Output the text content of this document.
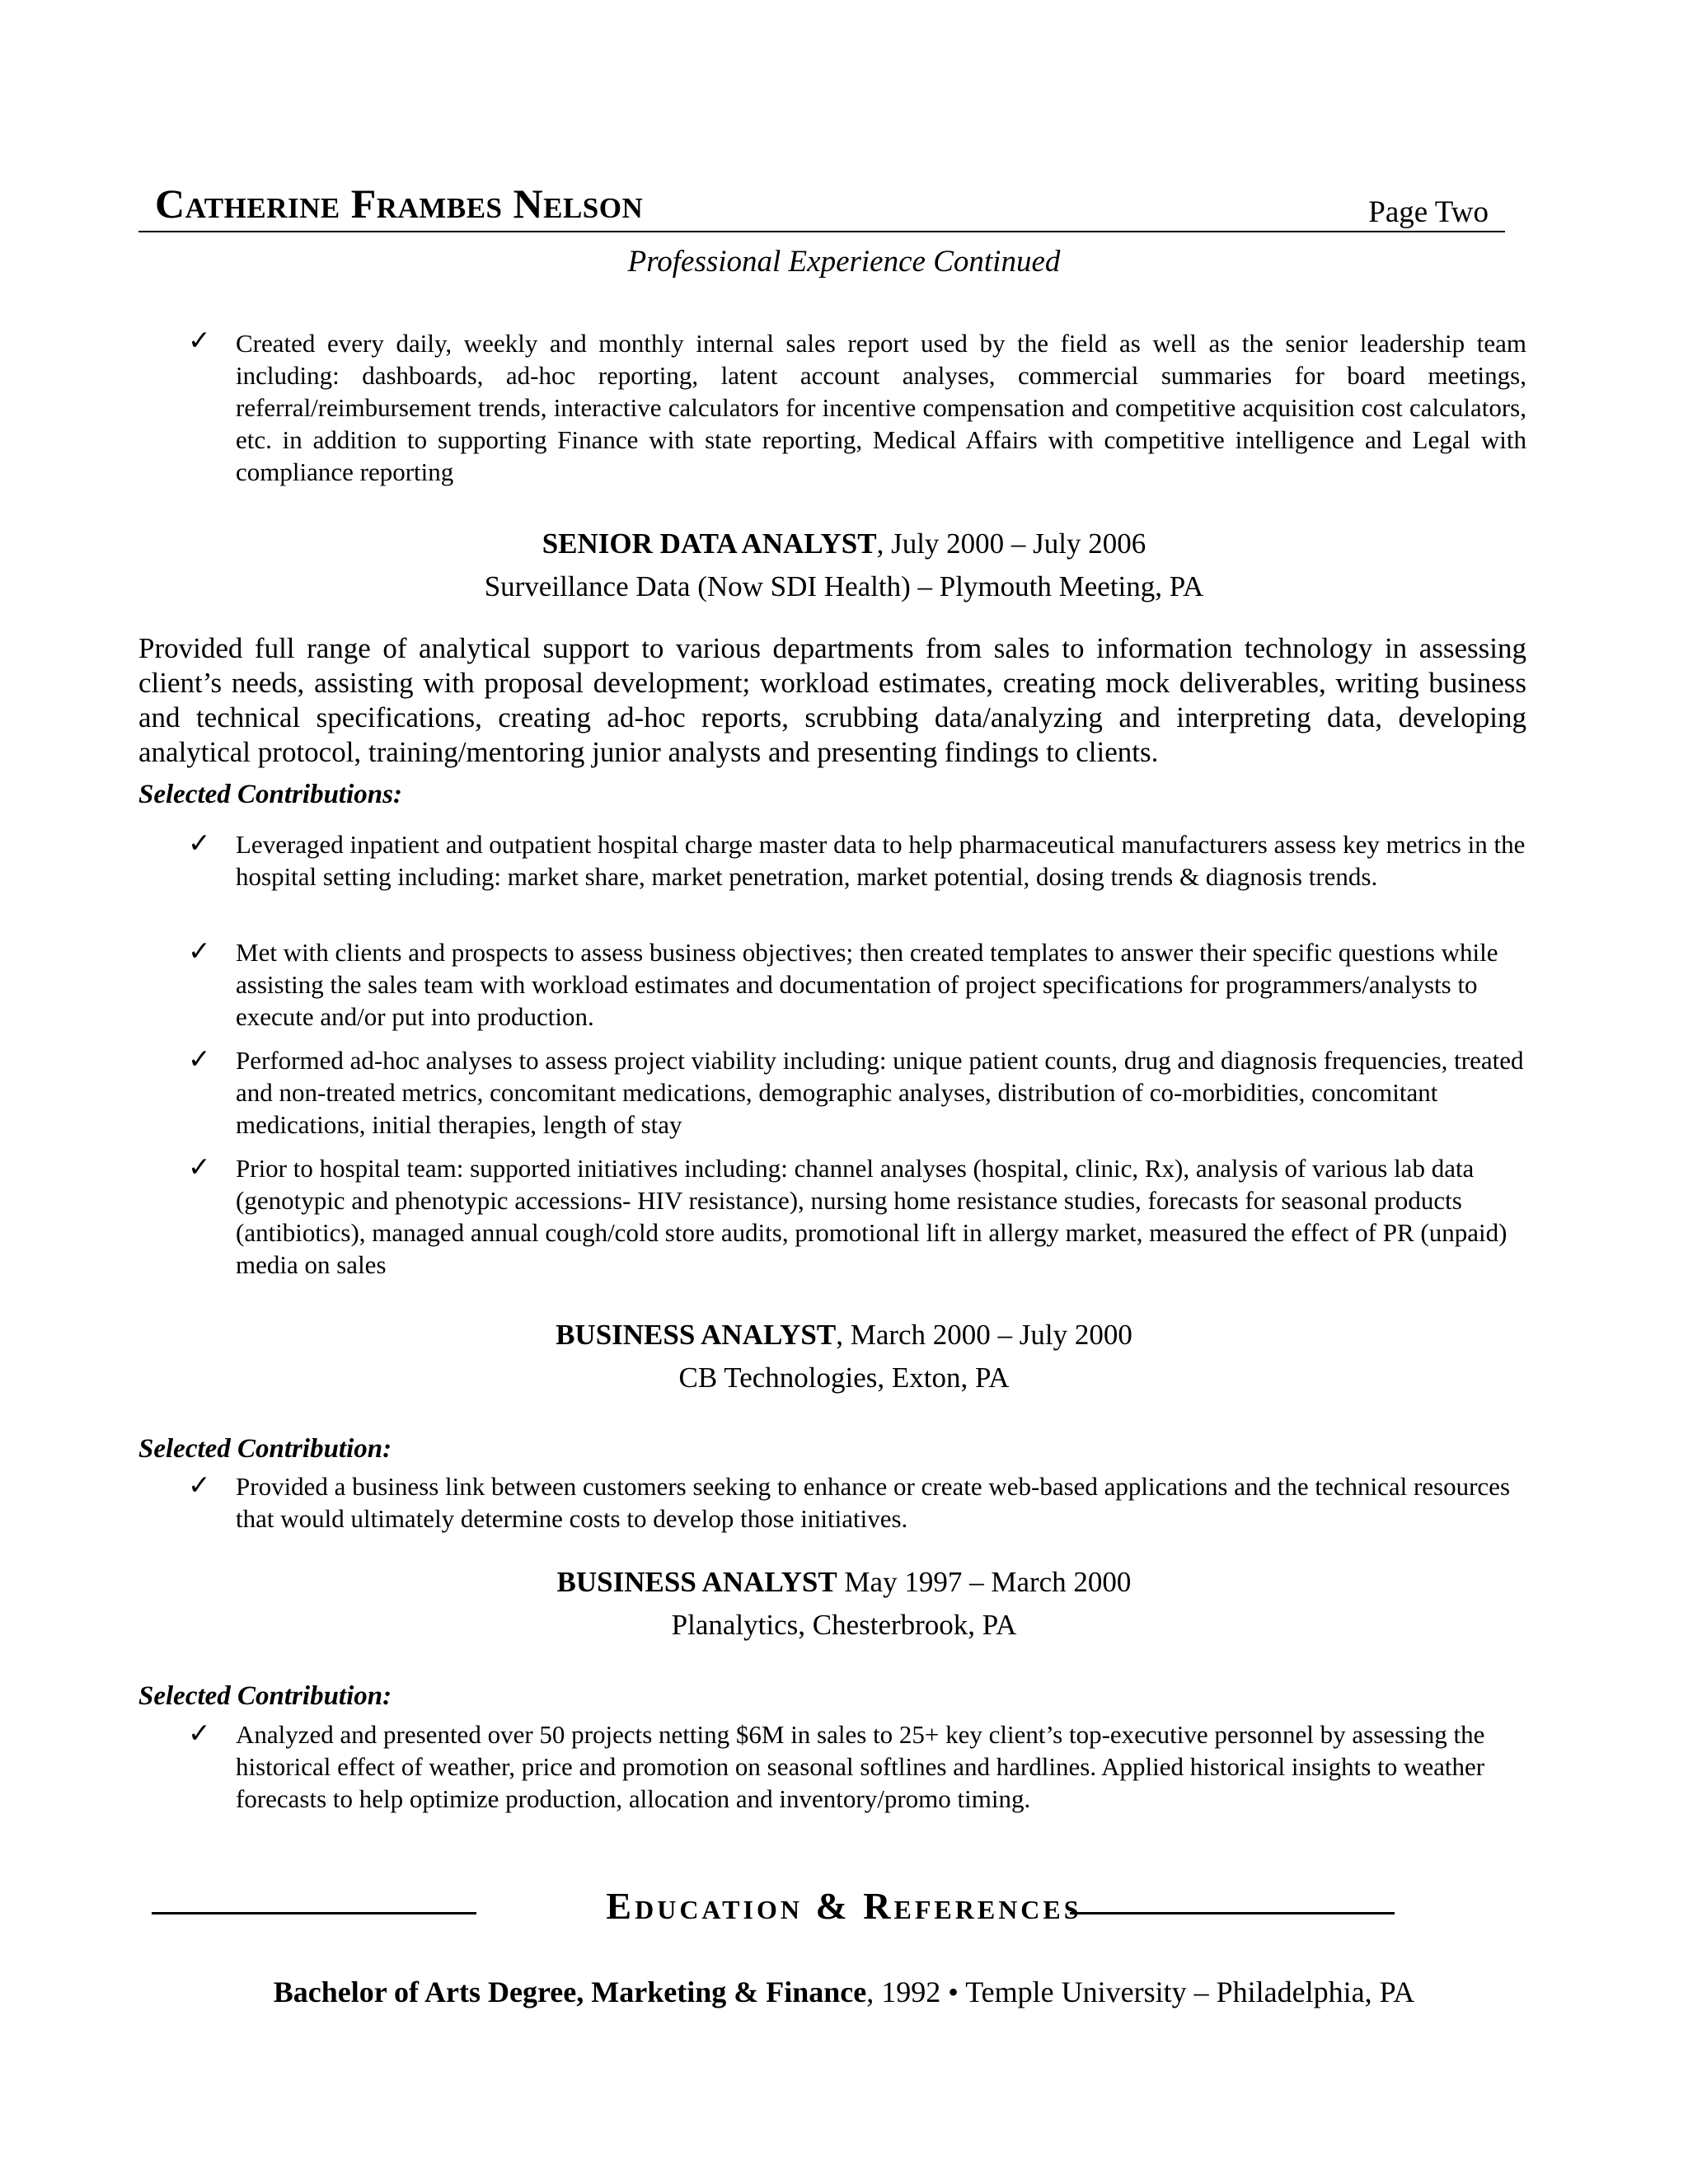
Catherine Frambes Nelson	Page Two
Professional Experience Continued
✓ Created every daily, weekly and monthly internal sales report used by the field as well as the senior leadership team including: dashboards, ad-hoc reporting, latent account analyses, commercial summaries for board meetings, referral/reimbursement trends, interactive calculators for incentive compensation and competitive acquisition cost calculators, etc. in addition to supporting Finance with state reporting, Medical Affairs with competitive intelligence and Legal with compliance reporting
SENIOR DATA ANALYST, July 2000 – July 2006
Surveillance Data (Now SDI Health) – Plymouth Meeting, PA
Provided full range of analytical support to various departments from sales to information technology in assessing client’s needs, assisting with proposal development; workload estimates, creating mock deliverables, writing business and technical specifications, creating ad-hoc reports, scrubbing data/analyzing and interpreting data, developing analytical protocol, training/mentoring junior analysts and presenting findings to clients.
Selected Contributions:
✓ Leveraged inpatient and outpatient hospital charge master data to help pharmaceutical manufacturers assess key metrics in the hospital setting including: market share, market penetration, market potential, dosing trends & diagnosis trends.
✓ Met with clients and prospects to assess business objectives; then created templates to answer their specific questions while assisting the sales team with workload estimates and documentation of project specifications for programmers/analysts to execute and/or put into production.
✓ Performed ad-hoc analyses to assess project viability including: unique patient counts, drug and diagnosis frequencies, treated and non-treated metrics, concomitant medications, demographic analyses, distribution of co-morbidities, concomitant medications, initial therapies, length of stay
✓ Prior to hospital team: supported initiatives including: channel analyses (hospital, clinic, Rx), analysis of various lab data (genotypic and phenotypic accessions- HIV resistance), nursing home resistance studies, forecasts for seasonal products (antibiotics), managed annual cough/cold store audits, promotional lift in allergy market, measured the effect of PR (unpaid) media on sales
BUSINESS ANALYST, March 2000 – July 2000
CB Technologies, Exton, PA
Selected Contribution:
✓ Provided a business link between customers seeking to enhance or create web-based applications and the technical resources that would ultimately determine costs to develop those initiatives.
BUSINESS ANALYST May 1997 – March 2000
Planalytics, Chesterbrook, PA
Selected Contribution:
✓ Analyzed and presented over 50 projects netting $6M in sales to 25+ key client’s top-executive personnel by assessing the historical effect of weather, price and promotion on seasonal softlines and hardlines. Applied historical insights to weather forecasts to help optimize production, allocation and inventory/promo timing.
Education & References
Bachelor of Arts Degree, Marketing & Finance, 1992 • Temple University – Philadelphia, PA
